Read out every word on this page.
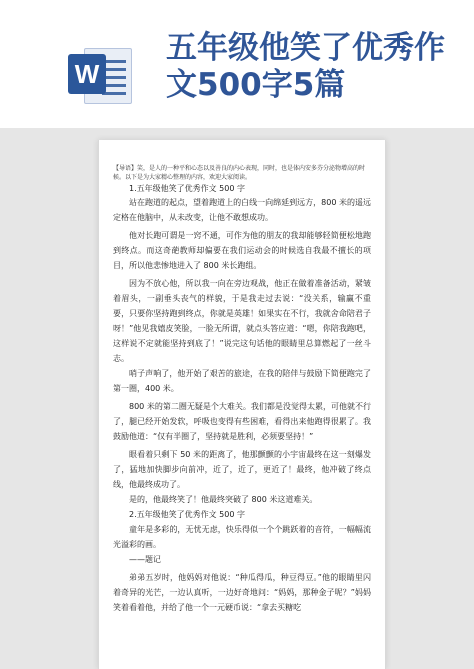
W
五年级他笑了优秀作文500字5篇

【导语】笑，是人的一种平和心态以及善良的内心表现，同时，也是体内安多芬分泌物增高的时候。以下是为大家精心整理的内容，欢迎大家阅读。

1.五年级他笑了优秀作文 500 字

站在跑道的起点，望着跑道上的白线一向绵延到远方，800 米的遥远定格在他脑中，从未改变，让他不敢想成功。

他对长跑可谓是一窍不通，可作为他的朋友的我却能够轻简便松地跑到终点。而这奇葩教师却偏要在我们运动会的时候选自我最不擅长的项目，所以他悲惨地进入了 800 米长跑组。

因为不放心他，所以我一向在旁边观战，他正在做着准备活动，紧皱着眉头，一副垂头丧气的样貌，于是我走过去说：“没关系，输赢不重要，只要你坚持跑到终点，你就是英雄！如果实在不行，我就舍命陪君子呀！”他见我嬉皮笑脸，一脸无所谓，就点头答应道：“嗯，你陪我跑吧，这样说不定就能坚持到底了！”说完这句话他的眼睛里总算燃起了一丝斗志。

哨子声响了，他开始了艰苦的旅途，在我的陪伴与鼓励下简便跑完了第一圈，400 米。

800 米的第二圈无疑是个大难关。我们都是没觉得太累，可他就不行了，腿已经开始发软，呼吸也变得有些困难，看得出来他跑得很累了。我鼓励他道：“仅有半圈了，坚持就是胜利，必须要坚持！”

眼看着只剩下 50 米的距离了，他那颤颤的小宇宙最终在这一刻爆发了，猛地加快脚步向前冲，近了，近了，更近了！最终，他冲破了终点线，他最终成功了。

是的，他最终笑了！他最终突破了 800 米这道难关。

2.五年级他笑了优秀作文 500 字

童年是多彩的，无忧无虑，快乐得似一个个跳跃着的音符，一幅幅流光溢彩的画。

——题记

弟弟五岁时，他妈妈对他说：“种瓜得瓜，种豆得豆。”他的眼睛里闪着奇异的光芒，一边认真听，一边好奇地问：“妈妈，那种金子呢？”妈妈笑着看着他，并给了他一个一元硬币说：“拿去买糖吃
